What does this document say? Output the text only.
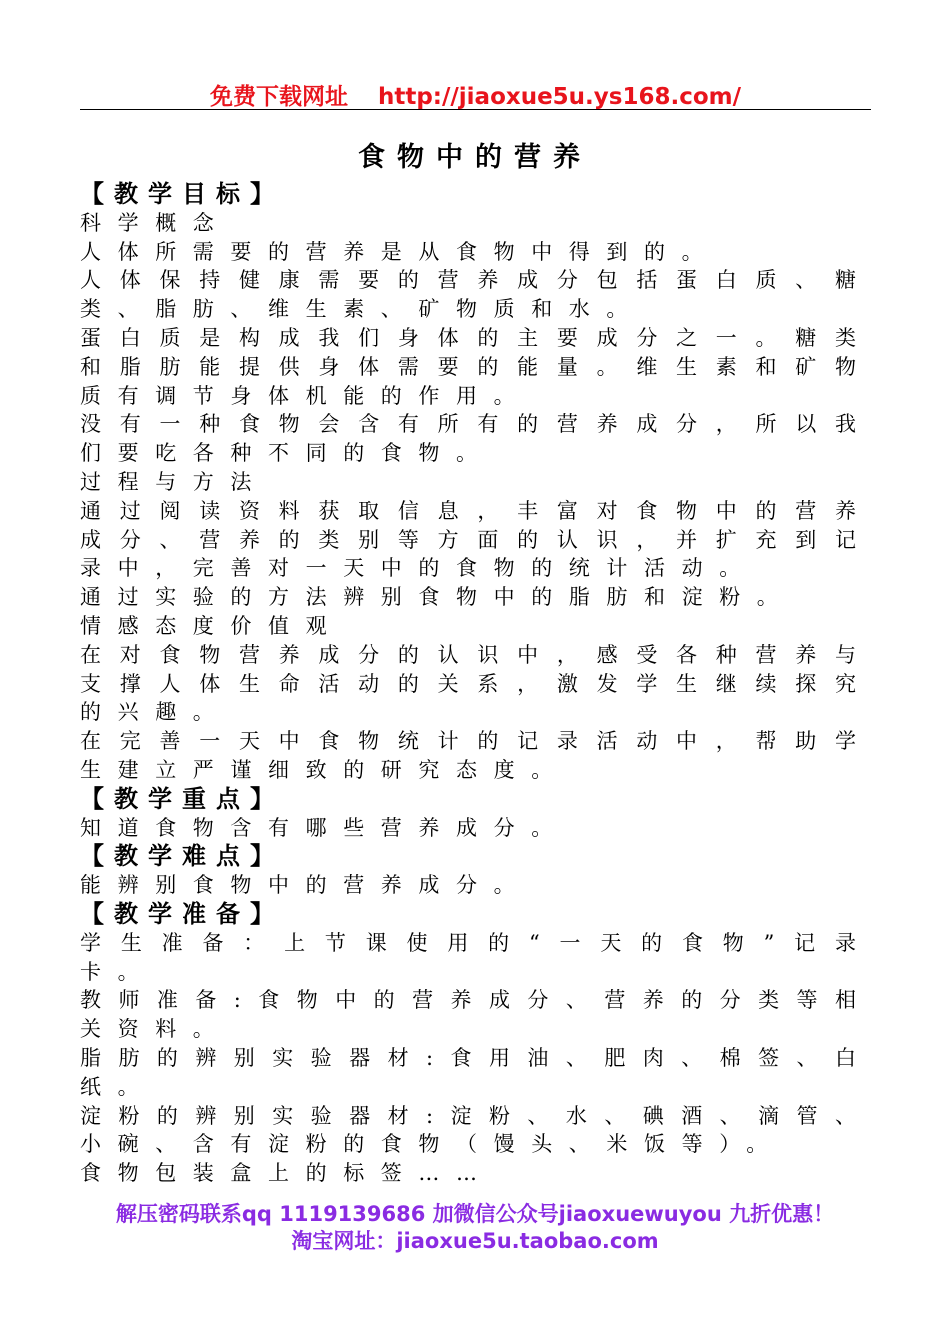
免费下载网址 http://jiaoxue5u.ys168.com/
食物中的营养
【教学目标】
科学概念
人体所需要的营养是从食物中得到的。
人体保持健康需要的营养成分包括蛋白质、糖
类、脂肪、维生素、矿物质和水。
蛋白质是构成我们身体的主要成分之一。糖类
和脂肪能提供身体需要的能量。维生素和矿物
质有调节身体机能的作用。
没有一种食物会含有所有的营养成分，所以我
们要吃各种不同的食物。
过程与方法
通过阅读资料获取信息，丰富对食物中的营养
成分、营养的类别等方面的认识，并扩充到记
录中，完善对一天中的食物的统计活动。
通过实验的方法辨别食物中的脂肪和淀粉。
情感态度价值观
在对食物营养成分的认识中，感受各种营养与
支撑人体生命活动的关系，激发学生继续探究
的兴趣。
在完善一天中食物统计的记录活动中，帮助学
生建立严谨细致的研究态度。
【教学重点】
知道食物含有哪些营养成分。
【教学难点】
能辨别食物中的营养成分。
【教学准备】
学生准备：上节课使用的“一天的食物”记录
卡。
教师准备:食物中的营养成分、营养的分类等相
关资料。
脂肪的辨别实验器材:食用油、肥肉、棉签、白
纸。
淀粉的辨别实验器材:淀粉、水、碘酒、滴管、
小碗、含有淀粉的食物（馒头、米饭等）。
食物包装盒上的标签……
解压密码联系qq 1119139686 加微信公众号jiaoxuewuyou 九折优惠！
淘宝网址：jiaoxue5u.taobao.com
